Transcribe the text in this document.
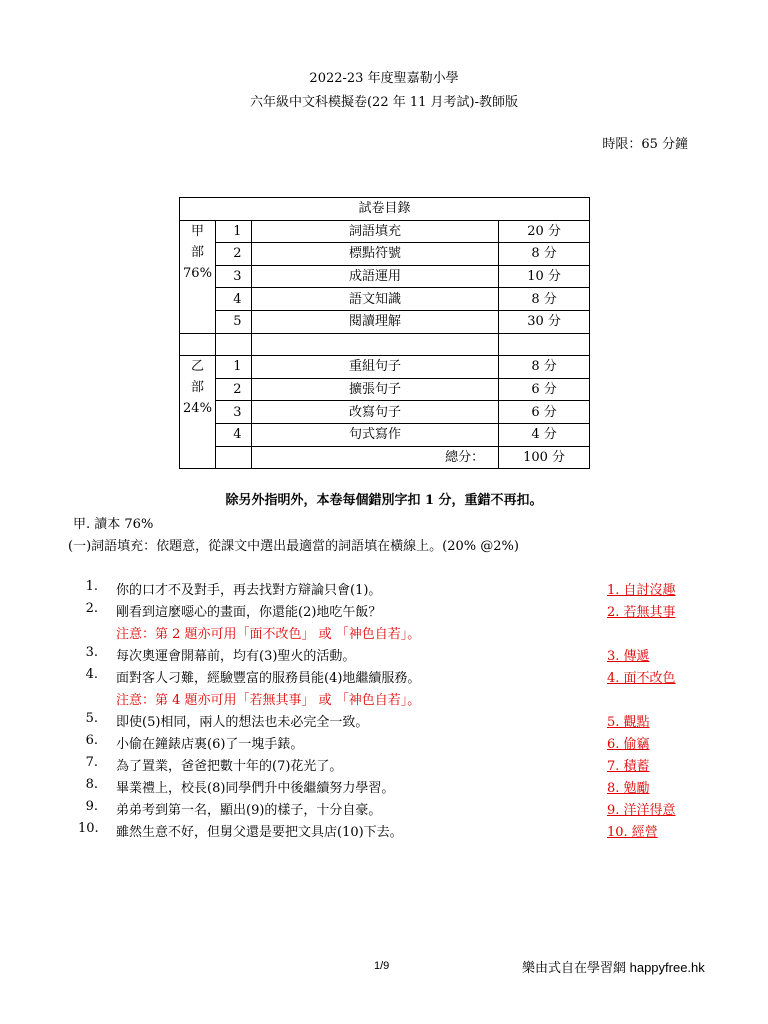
2022-23 年度聖嘉勒小學
六年級中文科模擬卷(22 年 11 月考試)-教師版
時限：65 分鐘
試卷目錄			

甲
部
76%	1	詞語填充	20 分
	2	標點符號	8 分
	3	成語運用	10 分
	4	語文知識	8 分
	5	閱讀理解	30 分

乙
部
24%	1	重組句子	8 分
	2	擴張句子	6 分
	3	改寫句子	6 分
	4	句式寫作	4 分
		總分：	100 分
除另外指明外，本卷每個錯別字扣 1 分，重錯不再扣。
甲. 讀本 76%
(一)詞語填充：依題意，從課文中選出最適當的詞語填在橫線上。(20% @2%)
1. 你的口才不及對手，再去找對方辯論只會(1)。	1. 自討沒趣
2. 剛看到這麼噁心的畫面，你還能(2)地吃午飯？	2. 若無其事
注意：第 2 題亦可用「面不改色」 或 「神色自若」。
3. 每次奧運會開幕前，均有(3)聖火的活動。	3. 傳遞
4. 面對客人刁難，經驗豐富的服務員能(4)地繼續服務。	4. 面不改色
注意：第 4 題亦可用「若無其事」 或 「神色自若」。
5. 即使(5)相同，兩人的想法也未必完全一致。	5. 觀點
6. 小偷在鐘錶店裏(6)了一塊手錶。	6. 偷竊
7. 為了置業，爸爸把數十年的(7)花光了。	7. 積蓄
8. 畢業禮上，校長(8)同學們升中後繼續努力學習。	8. 勉勵
9. 弟弟考到第一名，顯出(9)的樣子，十分自豪。	9. 洋洋得意
10. 雖然生意不好，但舅父還是要把文具店(10)下去。	10. 經營
1/9	樂由式自在學習網 happyfree.hk
